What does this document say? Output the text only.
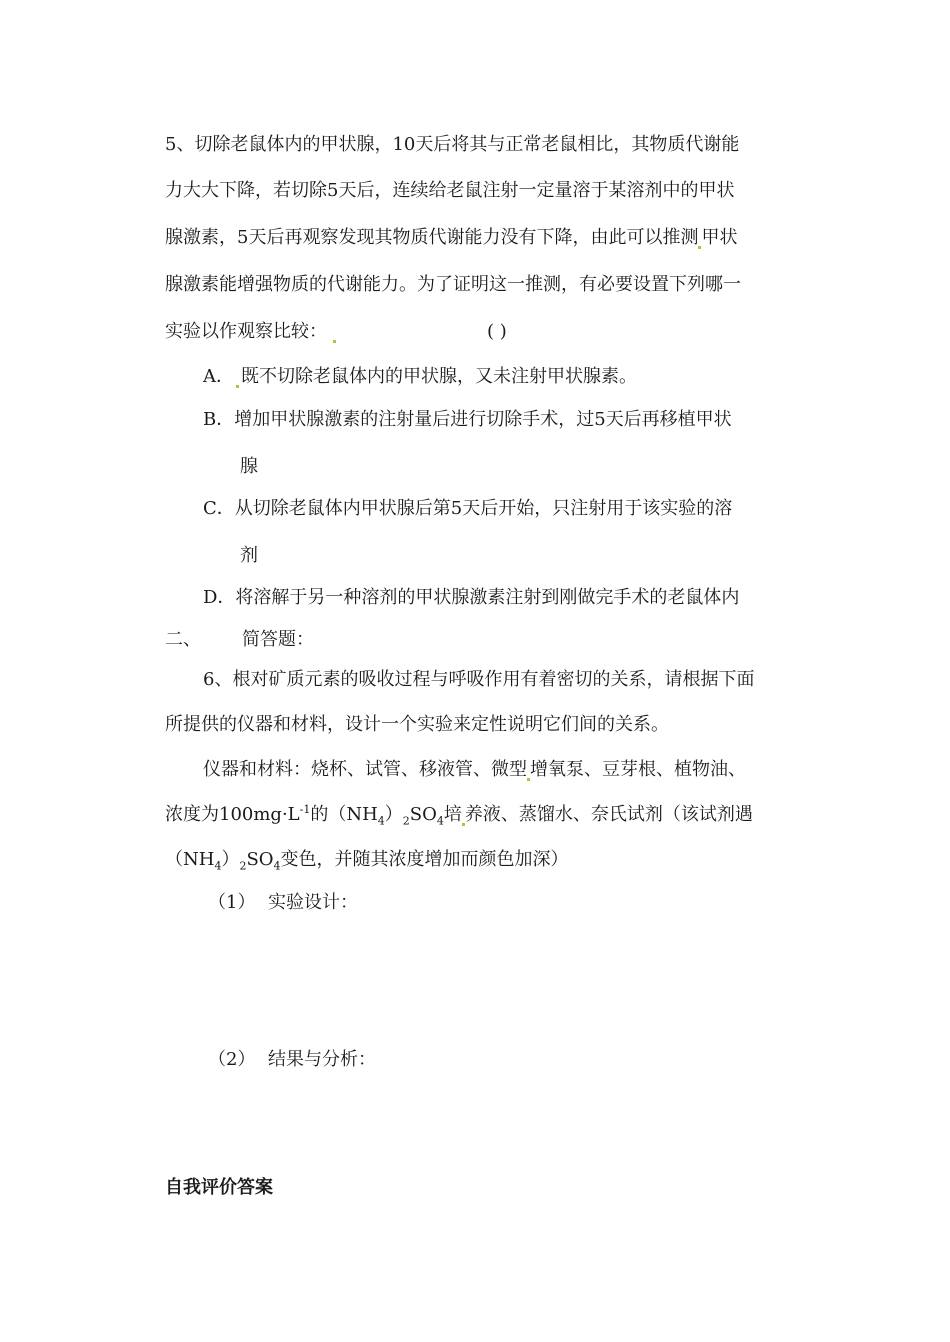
5、切除老鼠体内的甲状腺，10天后将其与正常老鼠相比，其物质代谢能
力大大下降，若切除5天后，连续给老鼠注射一定量溶于某溶剂中的甲状
腺激素，5天后再观察发现其物质代谢能力没有下降，由此可以推测 甲状
腺激素能增强物质的代谢能力。为了证明这一推测，有必要设置下列哪一
实验以作观察比较：	( )
A． 既不切除老鼠体内的甲状腺，又未注射甲状腺素。
B．增加甲状腺激素的注射量后进行切除手术，过5天后再移植甲状
腺
C．从切除老鼠体内甲状腺后第5天后开始，只注射用于该实验的溶
剂
D．将溶解于另一种溶剂的甲状腺激素注射到刚做完手术的老鼠体内
二、 简答题：
6、根对矿质元素的吸收过程与呼吸作用有着密切的关系，请根据下面
所提供的仪器和材料，设计一个实验来定性说明它们间的关系。
仪器和材料：烧杯、试管、移液管、微型 增氧泵、豆芽根、植物油、
浓度为$100mg\cdot L^{-1}$的$(NH_4)_2SO_4$培 养液、蒸馏水、奈氏试剂（该试剂遇
$(NH_4)_2SO_4$变色，并随其浓度增加而颜色加深）
（1） 实验设计：
（2） 结果与分析：
自我评价答案
